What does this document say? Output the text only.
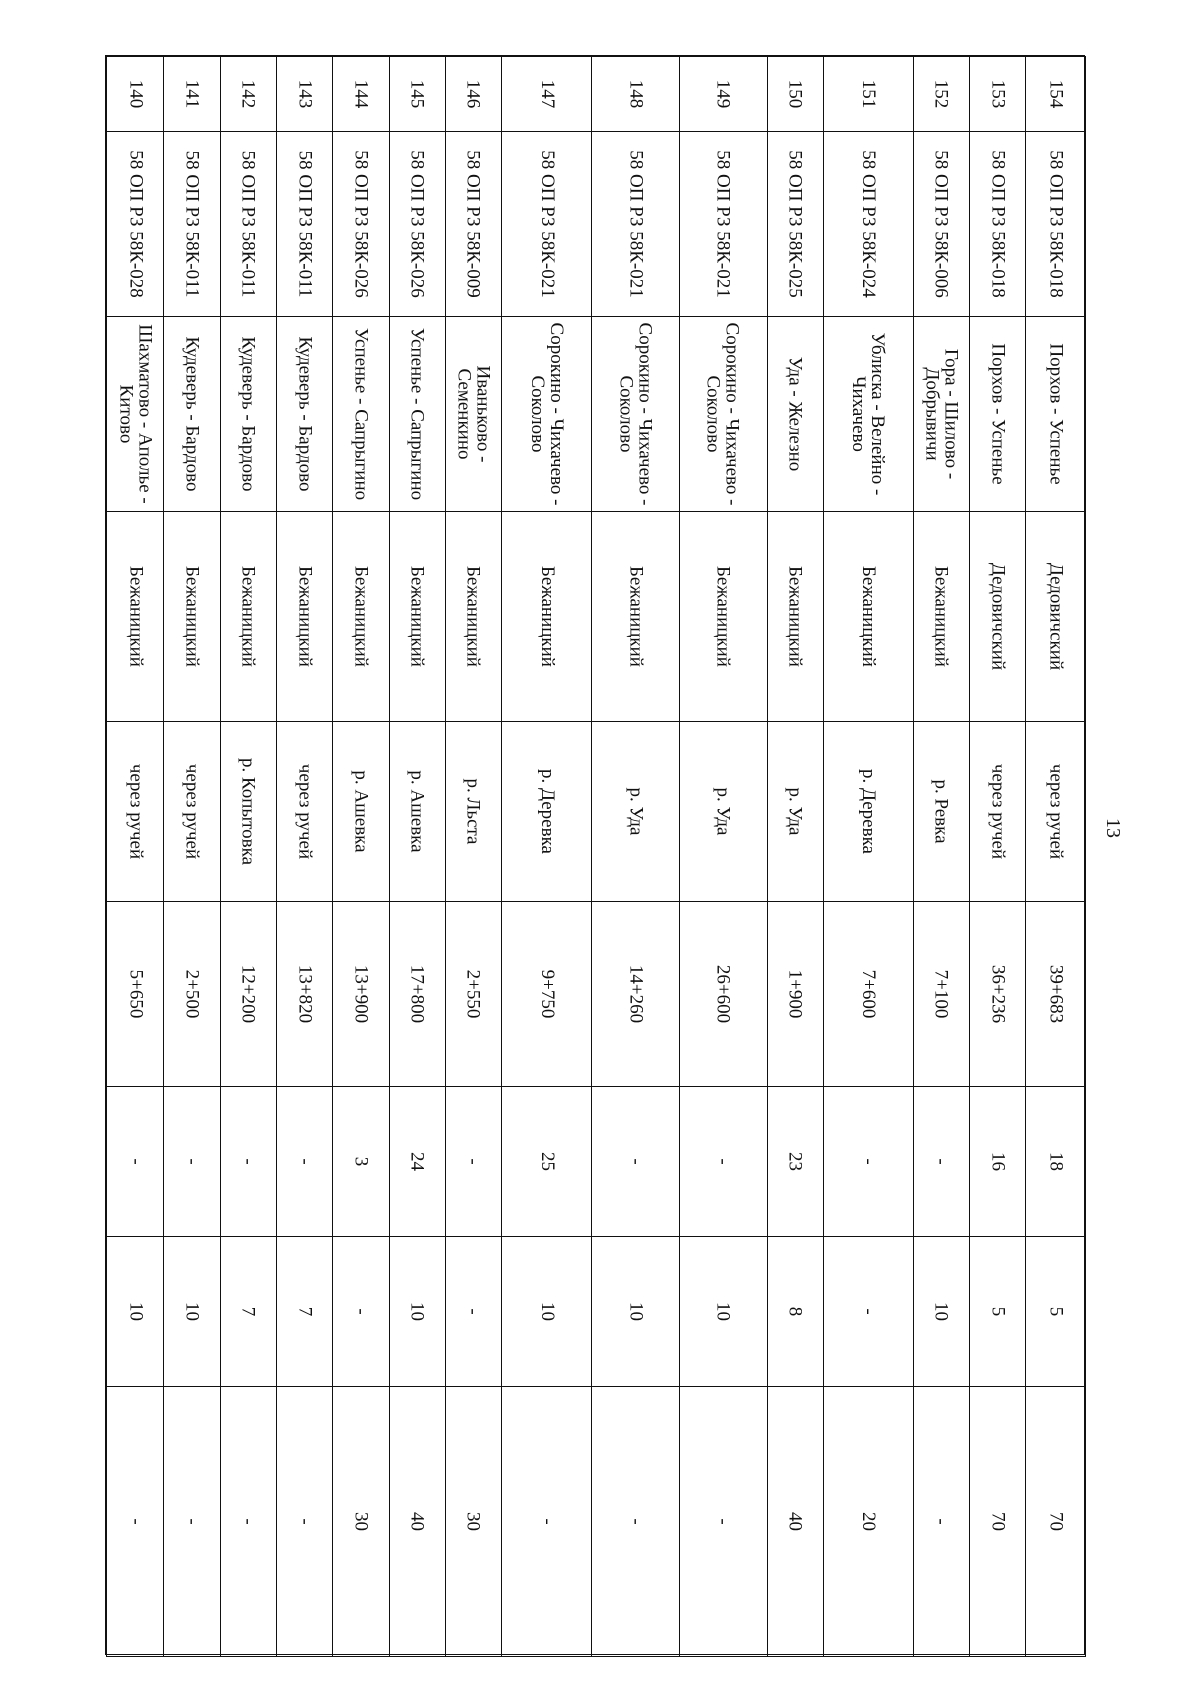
13
140	58 ОП РЗ 58К-028	Шахматово - Аполье - Китово	Бежаницкий	через ручей	5+650	-	10	-
141	58 ОП РЗ 58К-011	Кудеверь - Бардово	Бежаницкий	через ручей	2+500	-	10	-
142	58 ОП РЗ 58К-011	Кудеверь - Бардово	Бежаницкий	р. Копытовка	12+200	-	7	-
143	58 ОП РЗ 58К-011	Кудеверь - Бардово	Бежаницкий	через ручей	13+820	-	7	-
144	58 ОП РЗ 58К-026	Успенье - Сапрыгино	Бежаницкий	р. Ашевка	13+900	3	-	30
145	58 ОП РЗ 58К-026	Успенье - Сапрыгино	Бежаницкий	р. Ашевка	17+800	24	10	40
146	58 ОП РЗ 58К-009	Иваньково - Семенкино	Бежаницкий	р. Льста	2+550	-	-	30
147	58 ОП РЗ 58К-021	Сорокино - Чихачево - Соколово	Бежаницкий	р. Деревка	9+750	25	10	-
148	58 ОП РЗ 58К-021	Сорокино - Чихачево - Соколово	Бежаницкий	р. Уда	14+260	-	10	-
149	58 ОП РЗ 58К-021	Сорокино - Чихачево - Соколово	Бежаницкий	р. Уда	26+600	-	10	-
150	58 ОП РЗ 58К-025	Уда - Железно	Бежаницкий	р. Уда	1+900	23	8	40
151	58 ОП РЗ 58К-024	Ублиска - Велейно - Чихачево	Бежаницкий	р. Деревка	7+600	-	-	20
152	58 ОП РЗ 58К-006	Гора - Шилово - Добрывичи	Бежаницкий	р. Ревка	7+100	-	10	-
153	58 ОП РЗ 58К-018	Порхов - Успенье	Дедовичский	через ручей	36+236	16	5	70
154	58 ОП РЗ 58К-018	Порхов - Успенье	Дедовичский	через ручей	39+683	18	5	70
